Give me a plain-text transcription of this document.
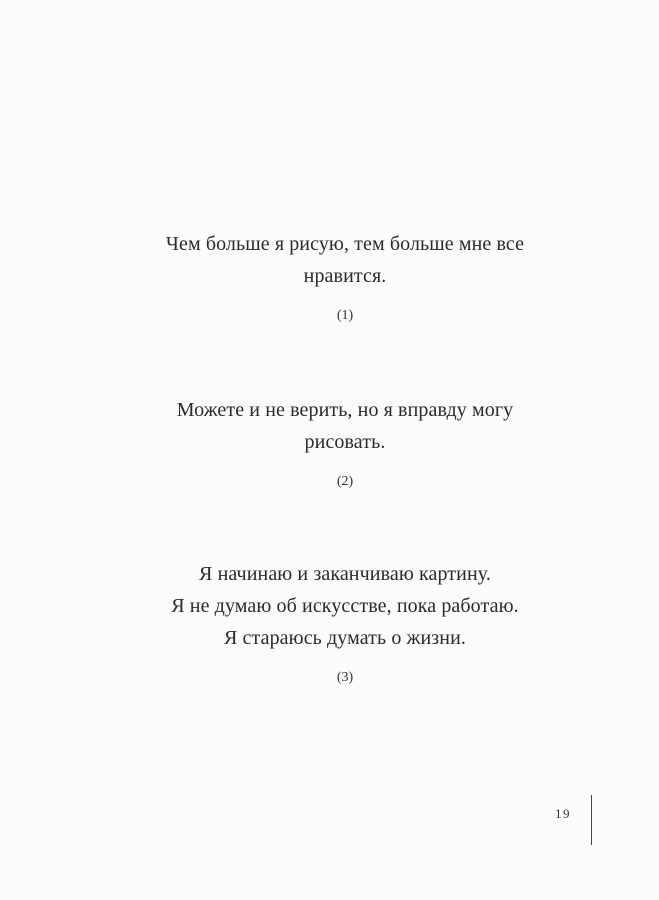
Чем больше я рисую, тем больше мне все
нравится.
(1)
Можете и не верить, но я вправду могу
рисовать.
(2)
Я начинаю и заканчиваю картину.
Я не думаю об искусстве, пока работаю.
Я стараюсь думать о жизни.
(3)
19
